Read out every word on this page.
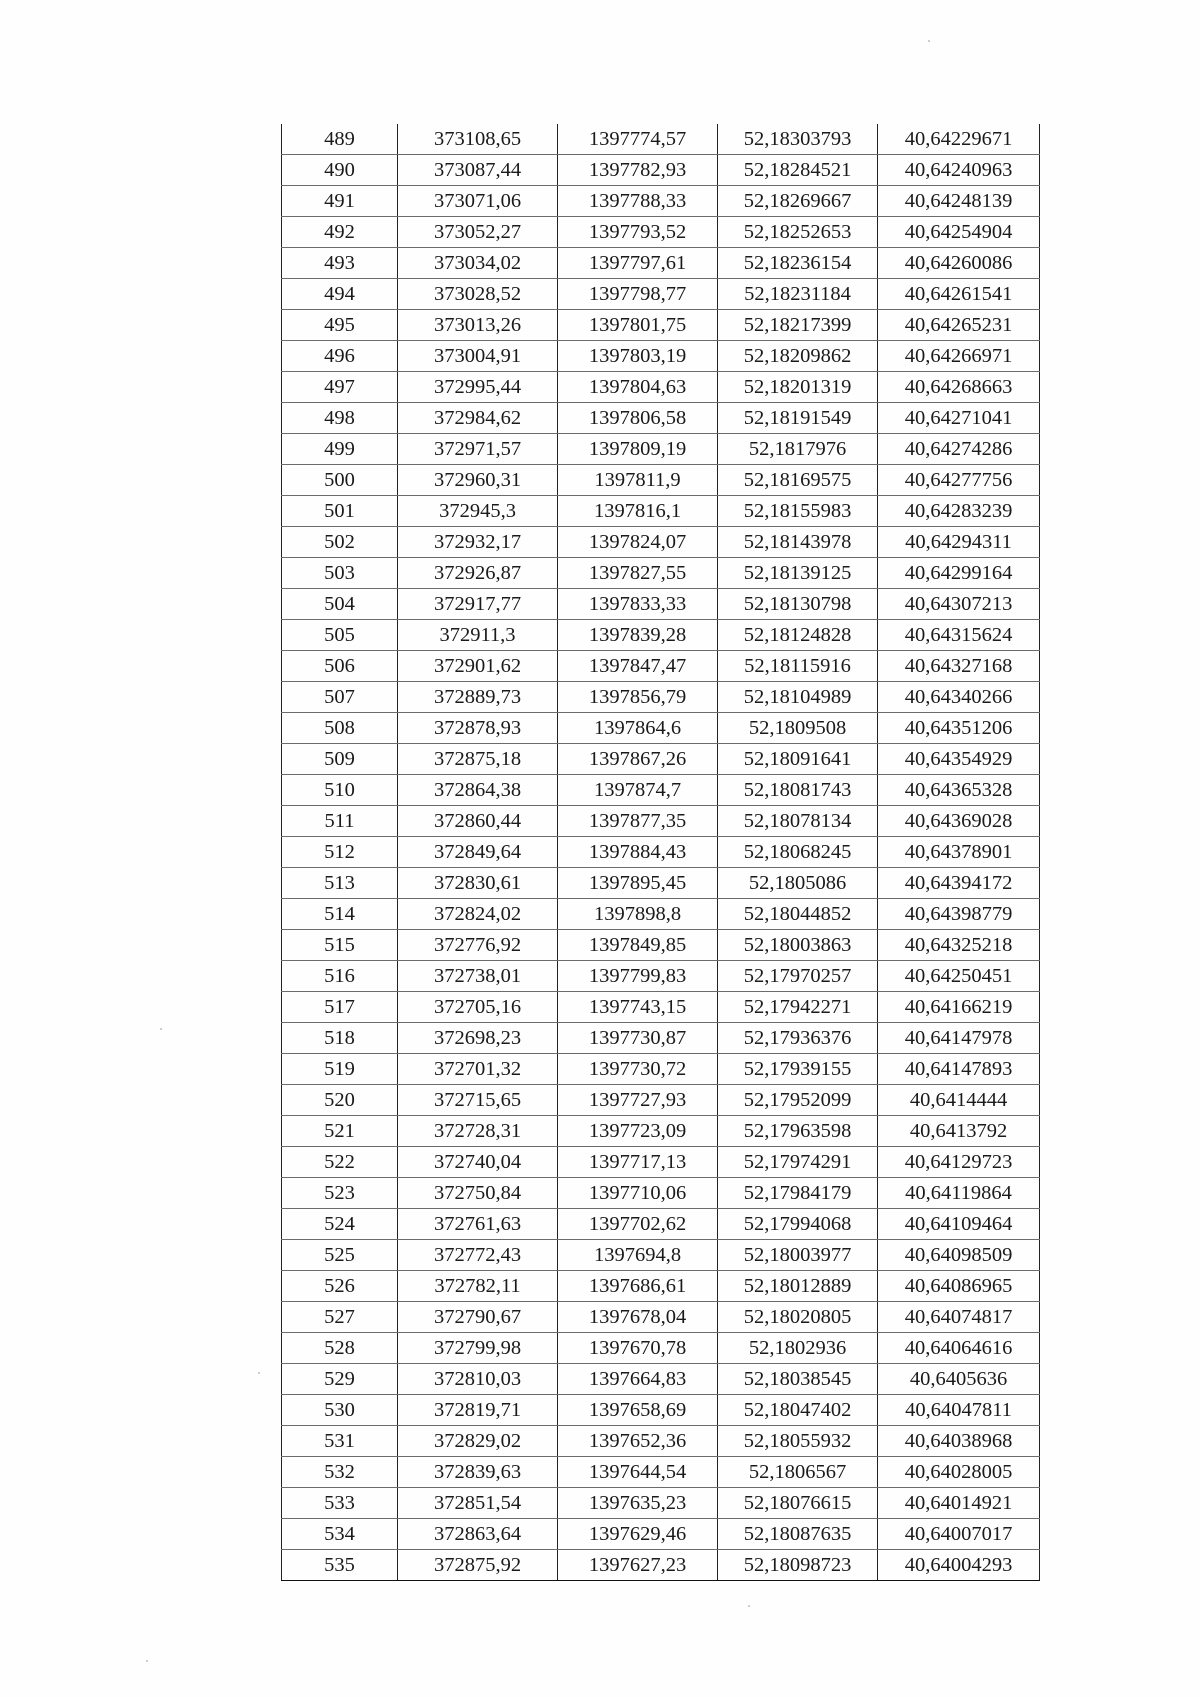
489	373108,65	1397774,57	52,18303793	40,64229671
490	373087,44	1397782,93	52,18284521	40,64240963
491	373071,06	1397788,33	52,18269667	40,64248139
492	373052,27	1397793,52	52,18252653	40,64254904
493	373034,02	1397797,61	52,18236154	40,64260086
494	373028,52	1397798,77	52,18231184	40,64261541
495	373013,26	1397801,75	52,18217399	40,64265231
496	373004,91	1397803,19	52,18209862	40,64266971
497	372995,44	1397804,63	52,18201319	40,64268663
498	372984,62	1397806,58	52,18191549	40,64271041
499	372971,57	1397809,19	52,1817976	40,64274286
500	372960,31	1397811,9	52,18169575	40,64277756
501	372945,3	1397816,1	52,18155983	40,64283239
502	372932,17	1397824,07	52,18143978	40,64294311
503	372926,87	1397827,55	52,18139125	40,64299164
504	372917,77	1397833,33	52,18130798	40,64307213
505	372911,3	1397839,28	52,18124828	40,64315624
506	372901,62	1397847,47	52,18115916	40,64327168
507	372889,73	1397856,79	52,18104989	40,64340266
508	372878,93	1397864,6	52,1809508	40,64351206
509	372875,18	1397867,26	52,18091641	40,64354929
510	372864,38	1397874,7	52,18081743	40,64365328
511	372860,44	1397877,35	52,18078134	40,64369028
512	372849,64	1397884,43	52,18068245	40,64378901
513	372830,61	1397895,45	52,1805086	40,64394172
514	372824,02	1397898,8	52,18044852	40,64398779
515	372776,92	1397849,85	52,18003863	40,64325218
516	372738,01	1397799,83	52,17970257	40,64250451
517	372705,16	1397743,15	52,17942271	40,64166219
518	372698,23	1397730,87	52,17936376	40,64147978
519	372701,32	1397730,72	52,17939155	40,64147893
520	372715,65	1397727,93	52,17952099	40,6414444
521	372728,31	1397723,09	52,17963598	40,6413792
522	372740,04	1397717,13	52,17974291	40,64129723
523	372750,84	1397710,06	52,17984179	40,64119864
524	372761,63	1397702,62	52,17994068	40,64109464
525	372772,43	1397694,8	52,18003977	40,64098509
526	372782,11	1397686,61	52,18012889	40,64086965
527	372790,67	1397678,04	52,18020805	40,64074817
528	372799,98	1397670,78	52,1802936	40,64064616
529	372810,03	1397664,83	52,18038545	40,6405636
530	372819,71	1397658,69	52,18047402	40,64047811
531	372829,02	1397652,36	52,18055932	40,64038968
532	372839,63	1397644,54	52,1806567	40,64028005
533	372851,54	1397635,23	52,18076615	40,64014921
534	372863,64	1397629,46	52,18087635	40,64007017
535	372875,92	1397627,23	52,18098723	40,64004293
